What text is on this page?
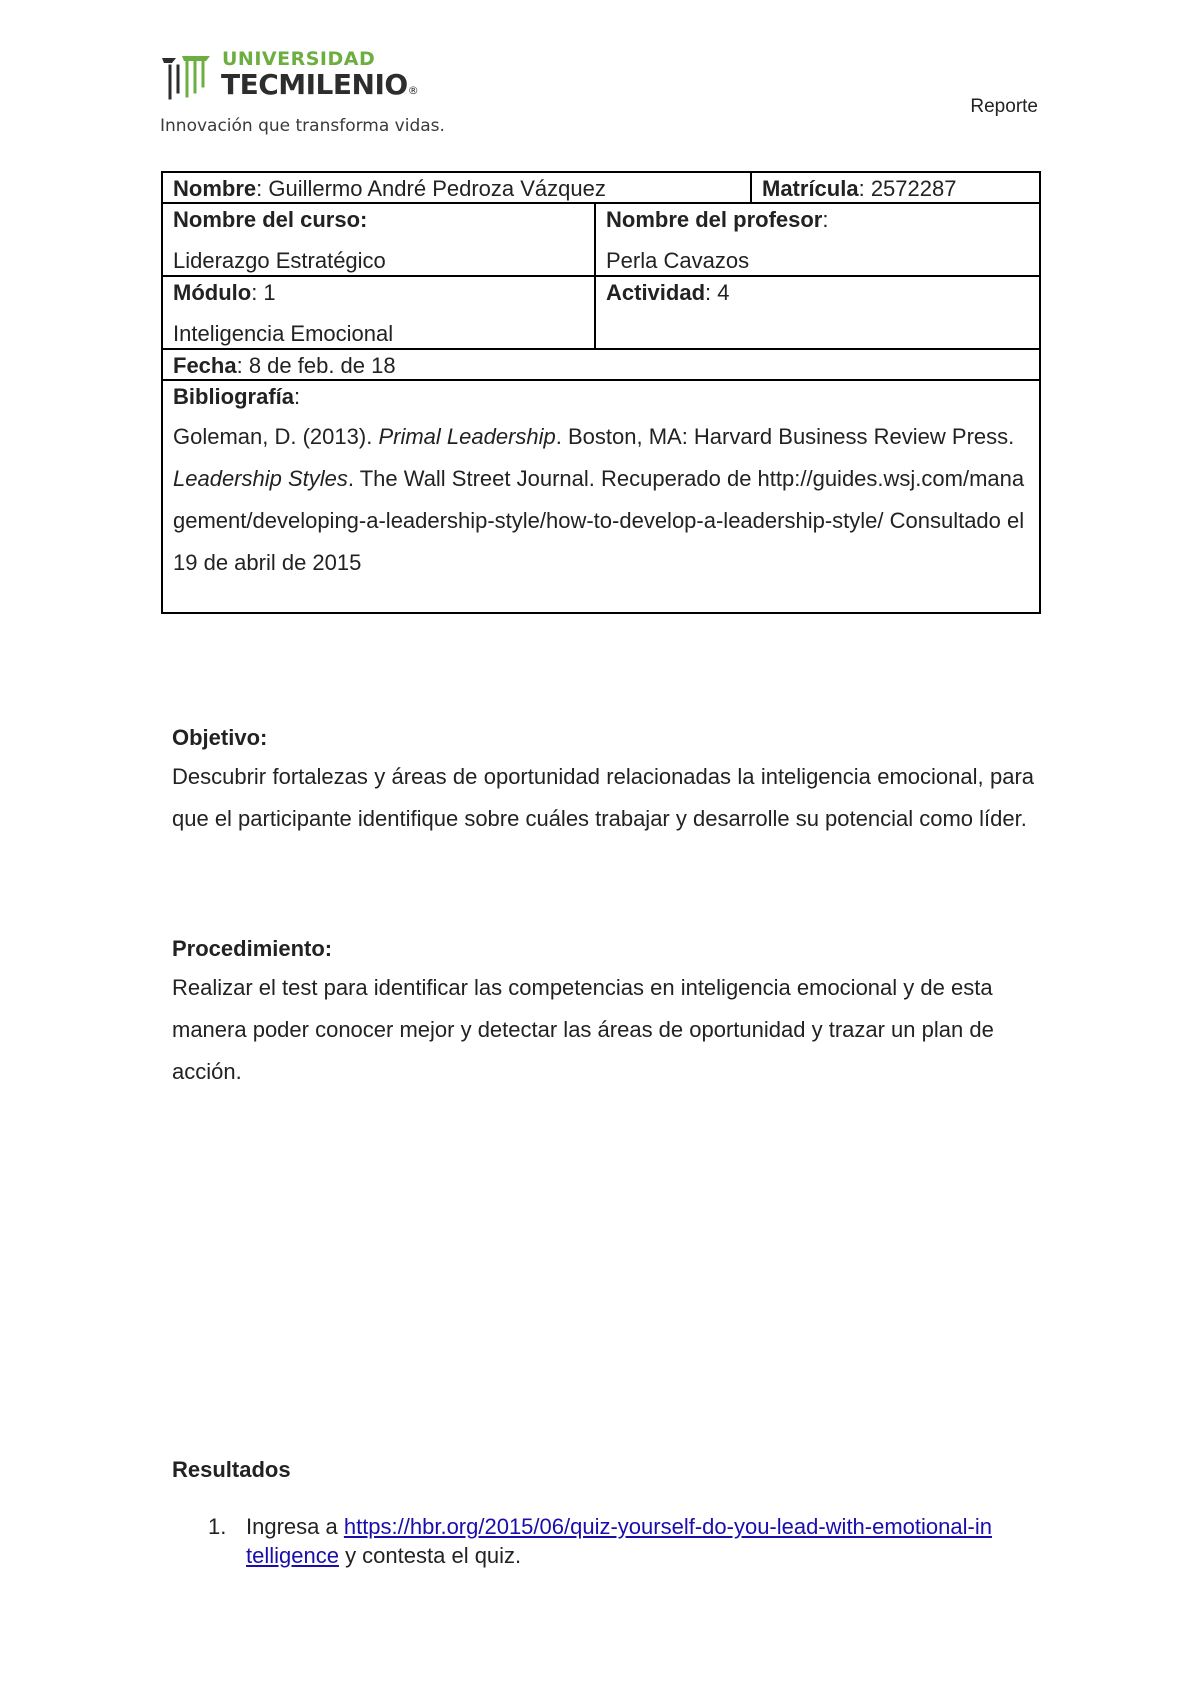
UNIVERSIDAD
TECMILENIO®
Innovación que transforma vidas.
Reporte
Nombre: Guillermo André Pedroza Vázquez	Matrícula: 2572287
Nombre del curso:
Liderazgo Estratégico
Nombre del profesor:
Perla Cavazos
Módulo: 1
Inteligencia Emocional
Actividad: 4
Fecha: 8 de feb. de 18
Bibliografía:
Goleman, D. (2013). Primal Leadership. Boston, MA: Harvard Business Review Press.
Leadership Styles. The Wall Street Journal. Recuperado de http://guides.wsj.com/management/developing-a-leadership-style/how-to-develop-a-leadership-style/ Consultado el 19 de abril de 2015
Objetivo:

Descubrir fortalezas y áreas de oportunidad relacionadas la inteligencia emocional, para que el participante identifique sobre cuáles trabajar y desarrolle su potencial como líder.

Procedimiento:

Realizar el test para identificar las competencias en inteligencia emocional y de esta manera poder conocer mejor y detectar las áreas de oportunidad y trazar un plan de acción.

Resultados
1. Ingresa a https://hbr.org/2015/06/quiz-yourself-do-you-lead-with-emotional-intelligence y contesta el quiz.
